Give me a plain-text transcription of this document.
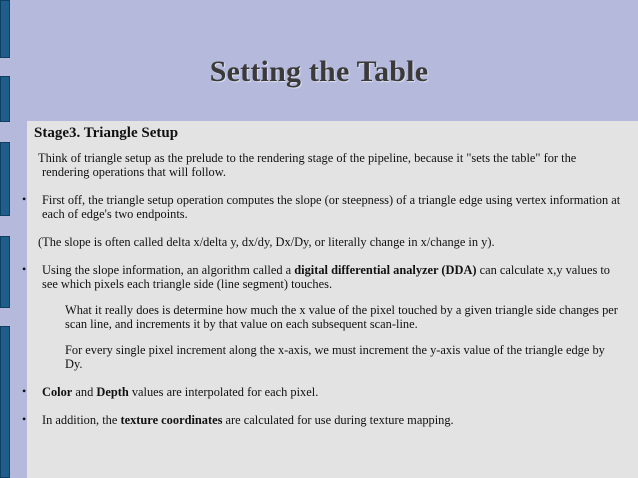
Setting the Table
Stage3. Triangle Setup

Think of triangle setup as the prelude to the rendering stage of the pipeline, because it "sets the table" for the rendering operations that will follow.

• First off, the triangle setup operation computes the slope (or steepness) of a triangle edge using vertex information at each of edge's two endpoints.

(The slope is often called delta x/delta y, dx/dy, Dx/Dy, or literally change in x/change in y).

• Using the slope information, an algorithm called a digital differential analyzer (DDA) can calculate x,y values to see which pixels each triangle side (line segment) touches.

What it really does is determine how much the x value of the pixel touched by a given triangle side changes per scan line, and increments it by that value on each subsequent scan-line.

For every single pixel increment along the x-axis, we must increment the y-axis value of the triangle edge by Dy.

• Color and Depth values are interpolated for each pixel.

• In addition, the texture coordinates are calculated for use during texture mapping.
